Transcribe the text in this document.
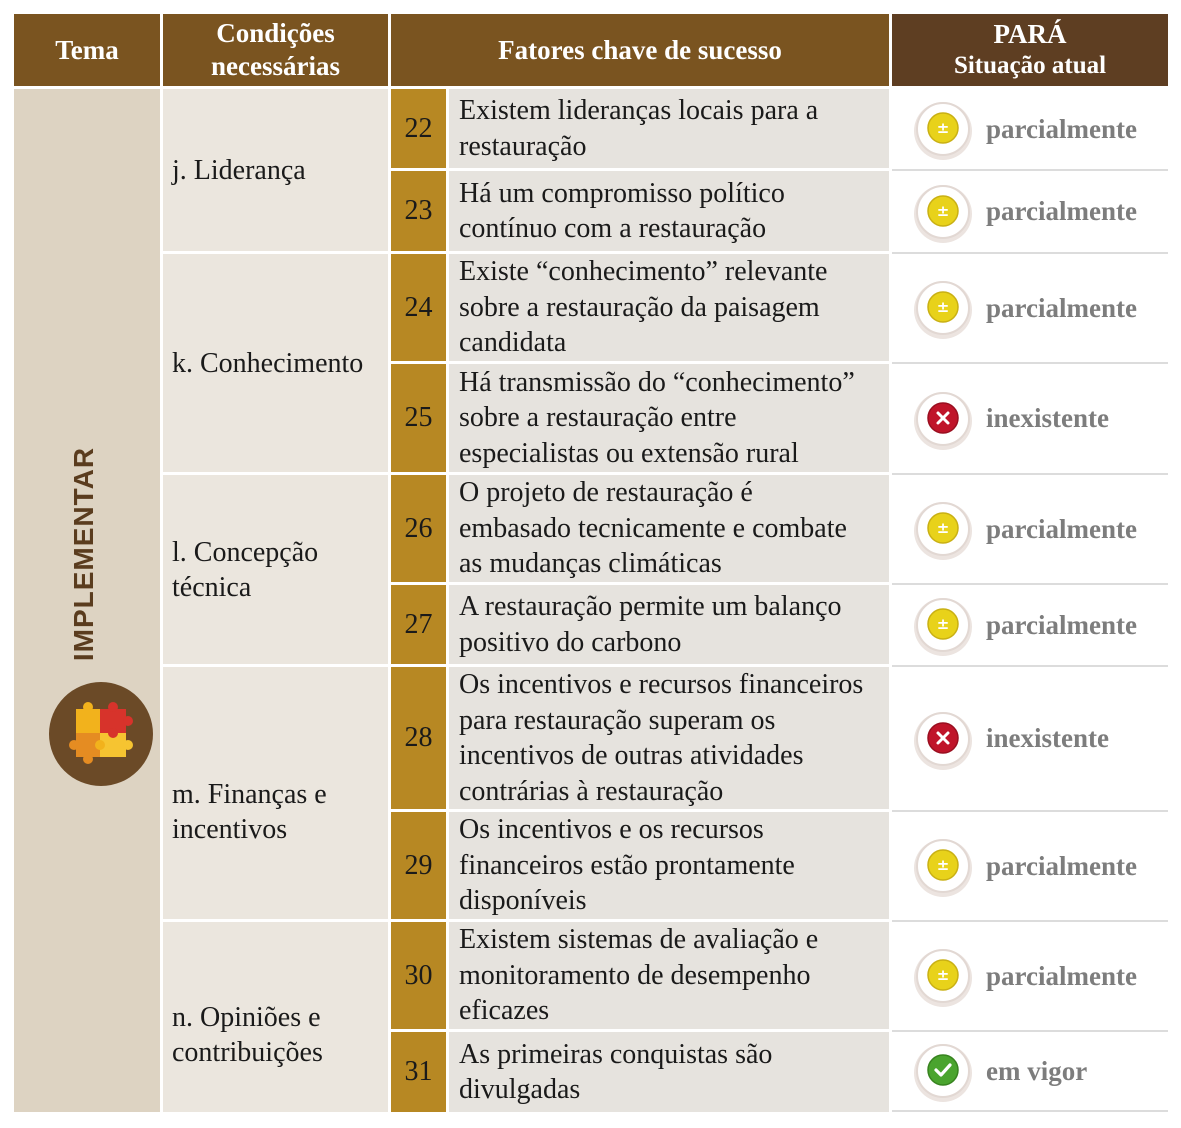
Tema
Condições
necessárias
Fatores chave de sucesso
PARÁ
Situação atual
j. Liderança
k. Conhecimento
l. Concepção
técnica
m. Finanças e
incentivos
n. Opiniões e
contribuições
22
Existem lideranças locais para a
restauração
± parcialmente
23
Há um compromisso político
contínuo com a restauração
± parcialmente
24
Existe “conhecimento” relevante
sobre a restauração da paisagem
candidata
± parcialmente
25
Há transmissão do “conhecimento”
sobre a restauração entre
especialistas ou extensão rural
inexistente
26
O projeto de restauração é
embasado tecnicamente e combate
as mudanças climáticas
± parcialmente
27
A restauração permite um balanço
positivo do carbono
± parcialmente
28
Os incentivos e recursos financeiros
para restauração superam os
incentivos de outras atividades
contrárias à restauração
inexistente
29
Os incentivos e os recursos
financeiros estão prontamente
disponíveis
± parcialmente
30
Existem sistemas de avaliação e
monitoramento de desempenho
eficazes
± parcialmente
31
As primeiras conquistas são
divulgadas
em vigor
IMPLEMENTAR
